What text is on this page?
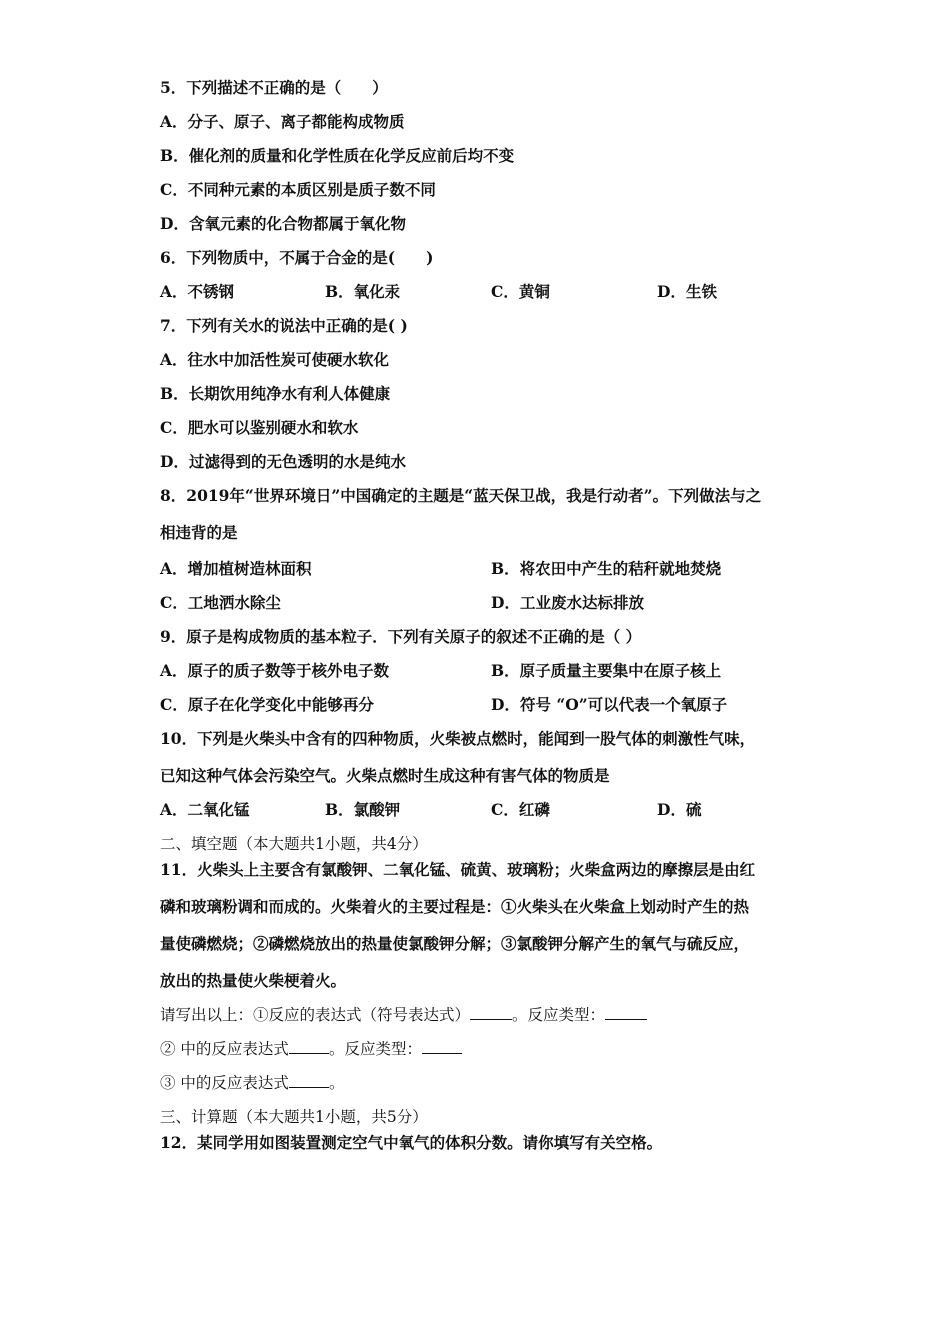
5．下列描述不正确的是（　　）
A．分子、原子、离子都能构成物质
B．催化剂的质量和化学性质在化学反应前后均不变
C．不同种元素的本质区别是质子数不同
D．含氧元素的化合物都属于氧化物
6．下列物质中，不属于合金的是(　　)
A．不锈钢	B．氧化汞	C．黄铜	D．生铁
7．下列有关水的说法中正确的是( )
A．往水中加活性炭可使硬水软化
B．长期饮用纯净水有利人体健康
C．肥水可以鉴别硬水和软水
D．过滤得到的无色透明的水是纯水
8．2019年“世界环境日”中国确定的主题是“蓝天保卫战，我是行动者”。下列做法与之
相违背的是
A．增加植树造林面积	B．将农田中产生的秸秆就地焚烧
C．工地洒水除尘	D．工业废水达标排放
9．原子是构成物质的基本粒子．下列有关原子的叙述不正确的是（ ）
A．原子的质子数等于核外电子数	B．原子质量主要集中在原子核上
C．原子在化学变化中能够再分	D．符号 “O”可以代表一个氧原子
10．下列是火柴头中含有的四种物质，火柴被点燃时，能闻到一股气体的刺激性气味，
已知这种气体会污染空气。火柴点燃时生成这种有害气体的物质是
A．二氧化锰	B．氯酸钾	C．红磷	D．硫
二、填空题（本大题共1小题，共4分）
11．火柴头上主要含有氯酸钾、二氧化锰、硫黄、玻璃粉；火柴盒两边的摩擦层是由红
磷和玻璃粉调和而成的。火柴着火的主要过程是：①火柴头在火柴盒上划动时产生的热
量使磷燃烧；②磷燃烧放出的热量使氯酸钾分解；③氯酸钾分解产生的氧气与硫反应，
放出的热量使火柴梗着火。
请写出以上：①反应的表达式（符号表达式）	。反应类型：
② 中的反应表达式	。反应类型：
③ 中的反应表达式	。
三、计算题（本大题共1小题，共5分）
12．某同学用如图装置测定空气中氧气的体积分数。请你填写有关空格。
